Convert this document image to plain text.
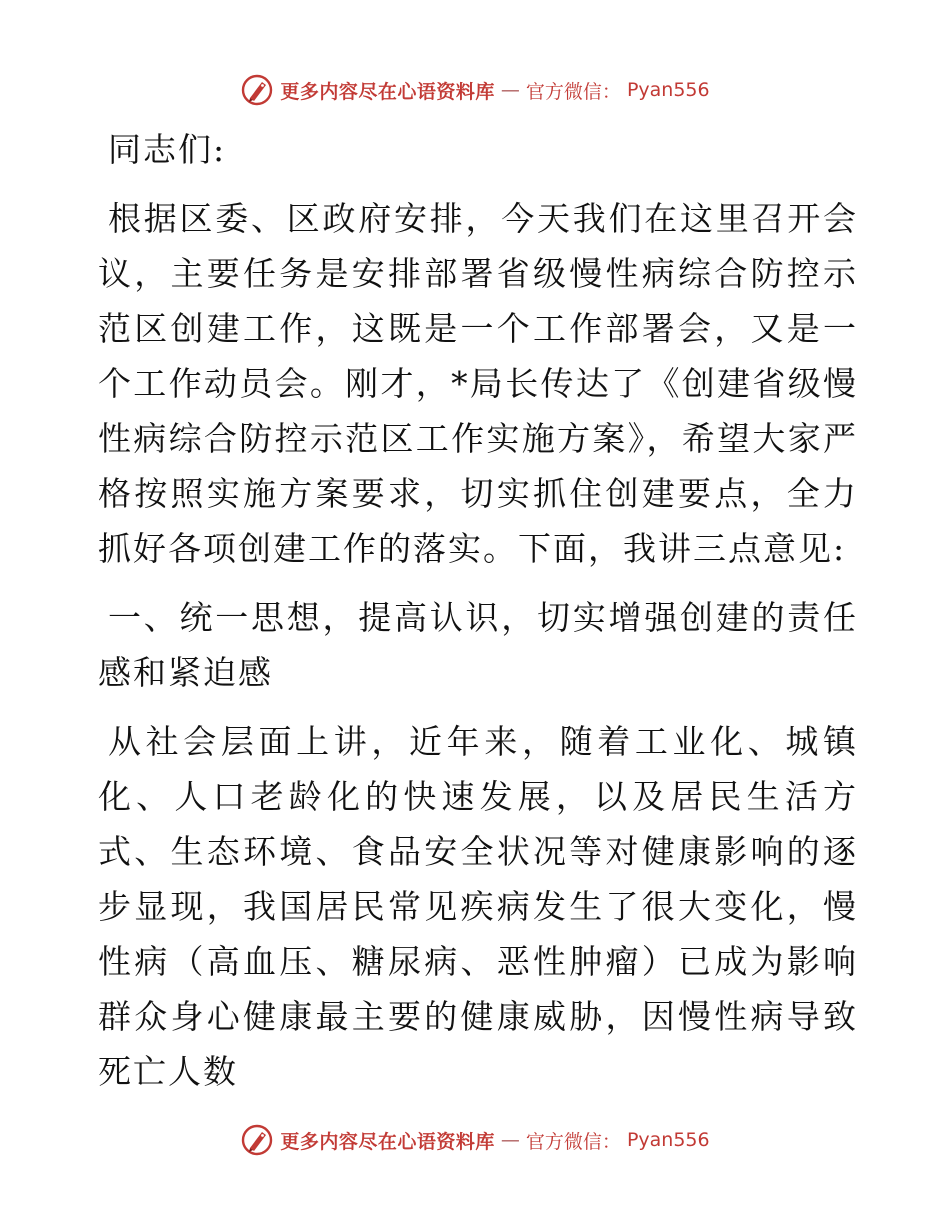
更多内容尽在心语资料库 — 官方微信： Pyan556

同志们:

根据区委、区政府安排，今天我们在这里召开会议，主要任务是安排部署省级慢性病综合防控示范区创建工作，这既是一个工作部署会，又是一个工作动员会。刚才，*局长传达了《创建省级慢性病综合防控示范区工作实施方案》，希望大家严格按照实施方案要求，切实抓住创建要点，全力抓好各项创建工作的落实。下面，我讲三点意见:

一、统一思想，提高认识，切实增强创建的责任感和紧迫感

从社会层面上讲，近年来，随着工业化、城镇化、人口老龄化的快速发展，以及居民生活方式、生态环境、食品安全状况等对健康影响的逐步显现，我国居民常见疾病发生了很大变化，慢性病（高血压、糖尿病、恶性肿瘤）已成为影响群众身心健康最主要的健康威胁，因慢性病导致死亡人数

更多内容尽在心语资料库 — 官方微信： Pyan556
